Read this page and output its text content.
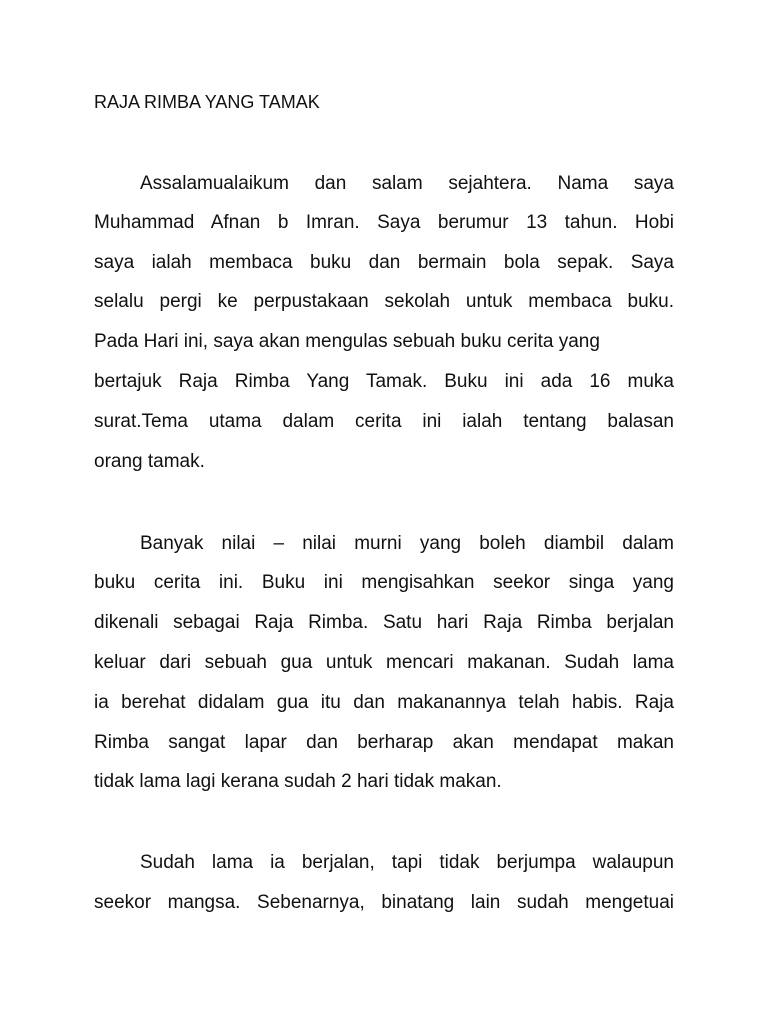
RAJA RIMBA YANG TAMAK
Assalamualaikum dan salam sejahtera. Nama saya
Muhammad Afnan b Imran. Saya berumur 13 tahun. Hobi
saya ialah membaca buku dan bermain bola sepak. Saya
selalu pergi ke perpustakaan sekolah untuk membaca buku.
Pada Hari ini, saya akan mengulas sebuah buku cerita yang
bertajuk Raja Rimba Yang Tamak. Buku ini ada 16 muka
surat.Tema utama dalam cerita ini ialah tentang balasan
orang tamak.
Banyak nilai – nilai murni yang boleh diambil dalam
buku cerita ini. Buku ini mengisahkan seekor singa yang
dikenali sebagai Raja Rimba. Satu hari Raja Rimba berjalan
keluar dari sebuah gua untuk mencari makanan. Sudah lama
ia berehat didalam gua itu dan makanannya telah habis. Raja
Rimba sangat lapar dan berharap akan mendapat makan
tidak lama lagi kerana sudah 2 hari tidak makan.
Sudah lama ia berjalan, tapi tidak berjumpa walaupun
seekor mangsa. Sebenarnya, binatang lain sudah mengetuai
